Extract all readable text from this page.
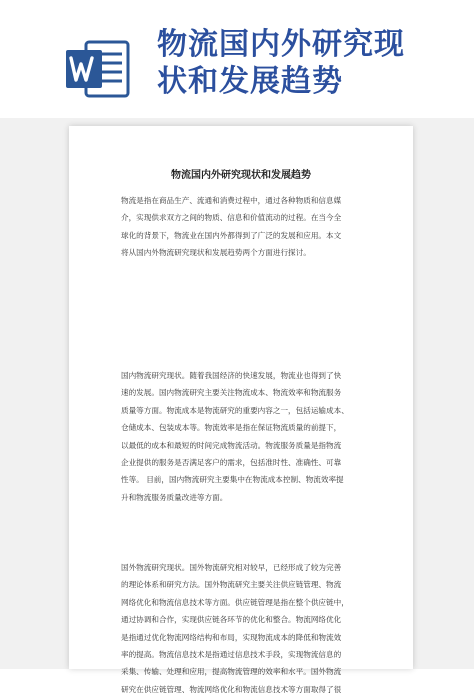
物流国内外研究现
状和发展趋势
物流国内外研究现状和发展趋势
物流是指在商品生产、流通和消费过程中，通过各种物质和信息媒
介，实现供求双方之间的物质、信息和价值流动的过程。在当今全
球化的背景下，物流业在国内外都得到了广泛的发展和应用。本文
将从国内外物流研究现状和发展趋势两个方面进行探讨。
国内物流研究现状。随着我国经济的快速发展，物流业也得到了快
速的发展。国内物流研究主要关注物流成本、物流效率和物流服务
质量等方面。物流成本是物流研究的重要内容之一，包括运输成本、
仓储成本、包装成本等。物流效率是指在保证物流质量的前提下，
以最低的成本和最短的时间完成物流活动。物流服务质量是指物流
企业提供的服务是否满足客户的需求，包括准时性、准确性、可靠
性等。 目前，国内物流研究主要集中在物流成本控制、物流效率提
升和物流服务质量改进等方面。
国外物流研究现状。国外物流研究相对较早，已经形成了较为完善
的理论体系和研究方法。国外物流研究主要关注供应链管理、物流
网络优化和物流信息技术等方面。供应链管理是指在整个供应链中，
通过协调和合作，实现供应链各环节的优化和整合。物流网络优化
是指通过优化物流网络结构和布局，实现物流成本的降低和物流效
率的提高。物流信息技术是指通过信息技术手段，实现物流信息的
采集、传输、处理和应用，提高物流管理的效率和水平。国外物流
研究在供应链管理、物流网络优化和物流信息技术等方面取得了很
